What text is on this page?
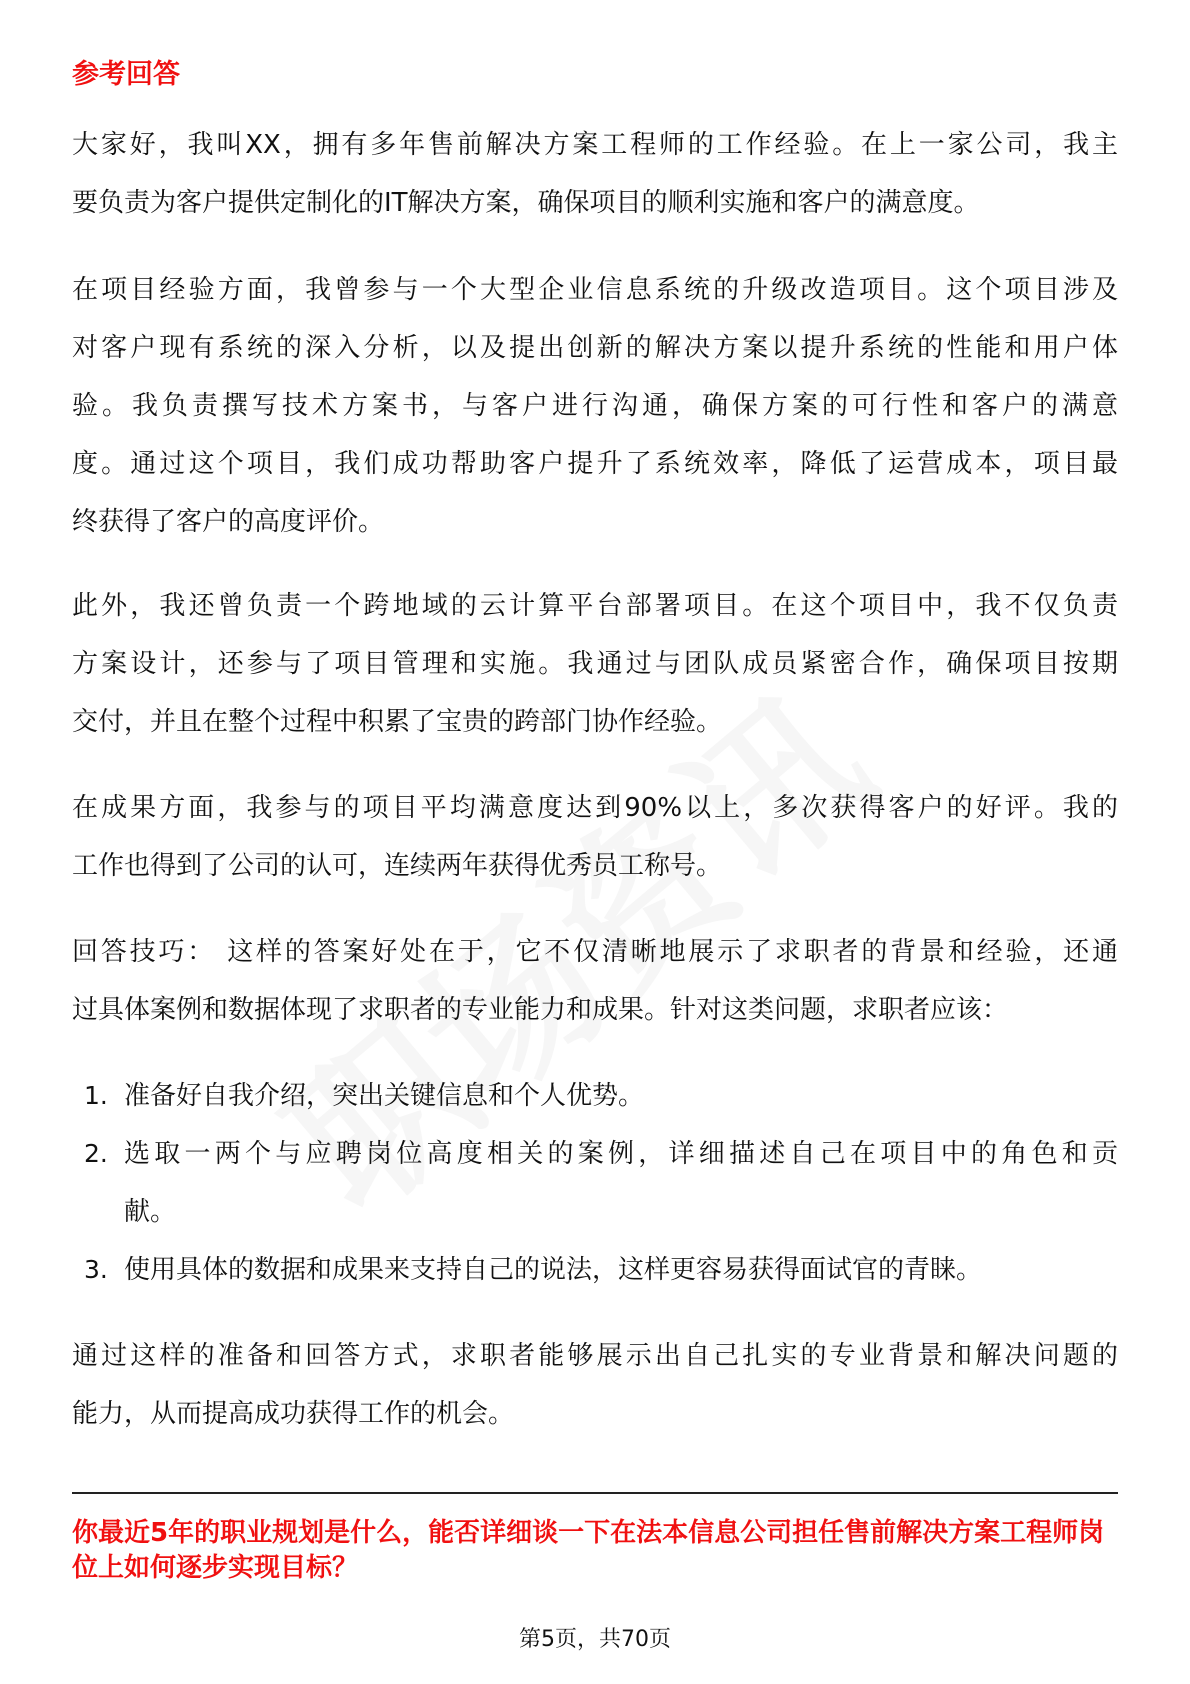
参考回答
大家好，我叫XX，拥有多年售前解决方案工程师的工作经验。在上一家公司，我主
要负责为客户提供定制化的IT解决方案，确保项目的顺利实施和客户的满意度。
在项目经验方面，我曾参与一个大型企业信息系统的升级改造项目。这个项目涉及
对客户现有系统的深入分析，以及提出创新的解决方案以提升系统的性能和用户体
验。我负责撰写技术方案书，与客户进行沟通，确保方案的可行性和客户的满意
度。通过这个项目，我们成功帮助客户提升了系统效率，降低了运营成本，项目最
终获得了客户的高度评价。
此外，我还曾负责一个跨地域的云计算平台部署项目。在这个项目中，我不仅负责
方案设计，还参与了项目管理和实施。我通过与团队成员紧密合作，确保项目按期
交付，并且在整个过程中积累了宝贵的跨部门协作经验。
在成果方面，我参与的项目平均满意度达到90%以上，多次获得客户的好评。我的
工作也得到了公司的认可，连续两年获得优秀员工称号。
回答技巧： 这样的答案好处在于，它不仅清晰地展示了求职者的背景和经验，还通
过具体案例和数据体现了求职者的专业能力和成果。针对这类问题，求职者应该：
1. 准备好自我介绍，突出关键信息和个人优势。
2. 选取一两个与应聘岗位高度相关的案例，详细描述自己在项目中的角色和贡
献。
3. 使用具体的数据和成果来支持自己的说法，这样更容易获得面试官的青睐。
通过这样的准备和回答方式，求职者能够展示出自己扎实的专业背景和解决问题的
能力，从而提高成功获得工作的机会。
你最近5年的职业规划是什么，能否详细谈一下在法本信息公司担任售前解决方案工程师岗位上如何逐步实现目标？
第5页，共70页
